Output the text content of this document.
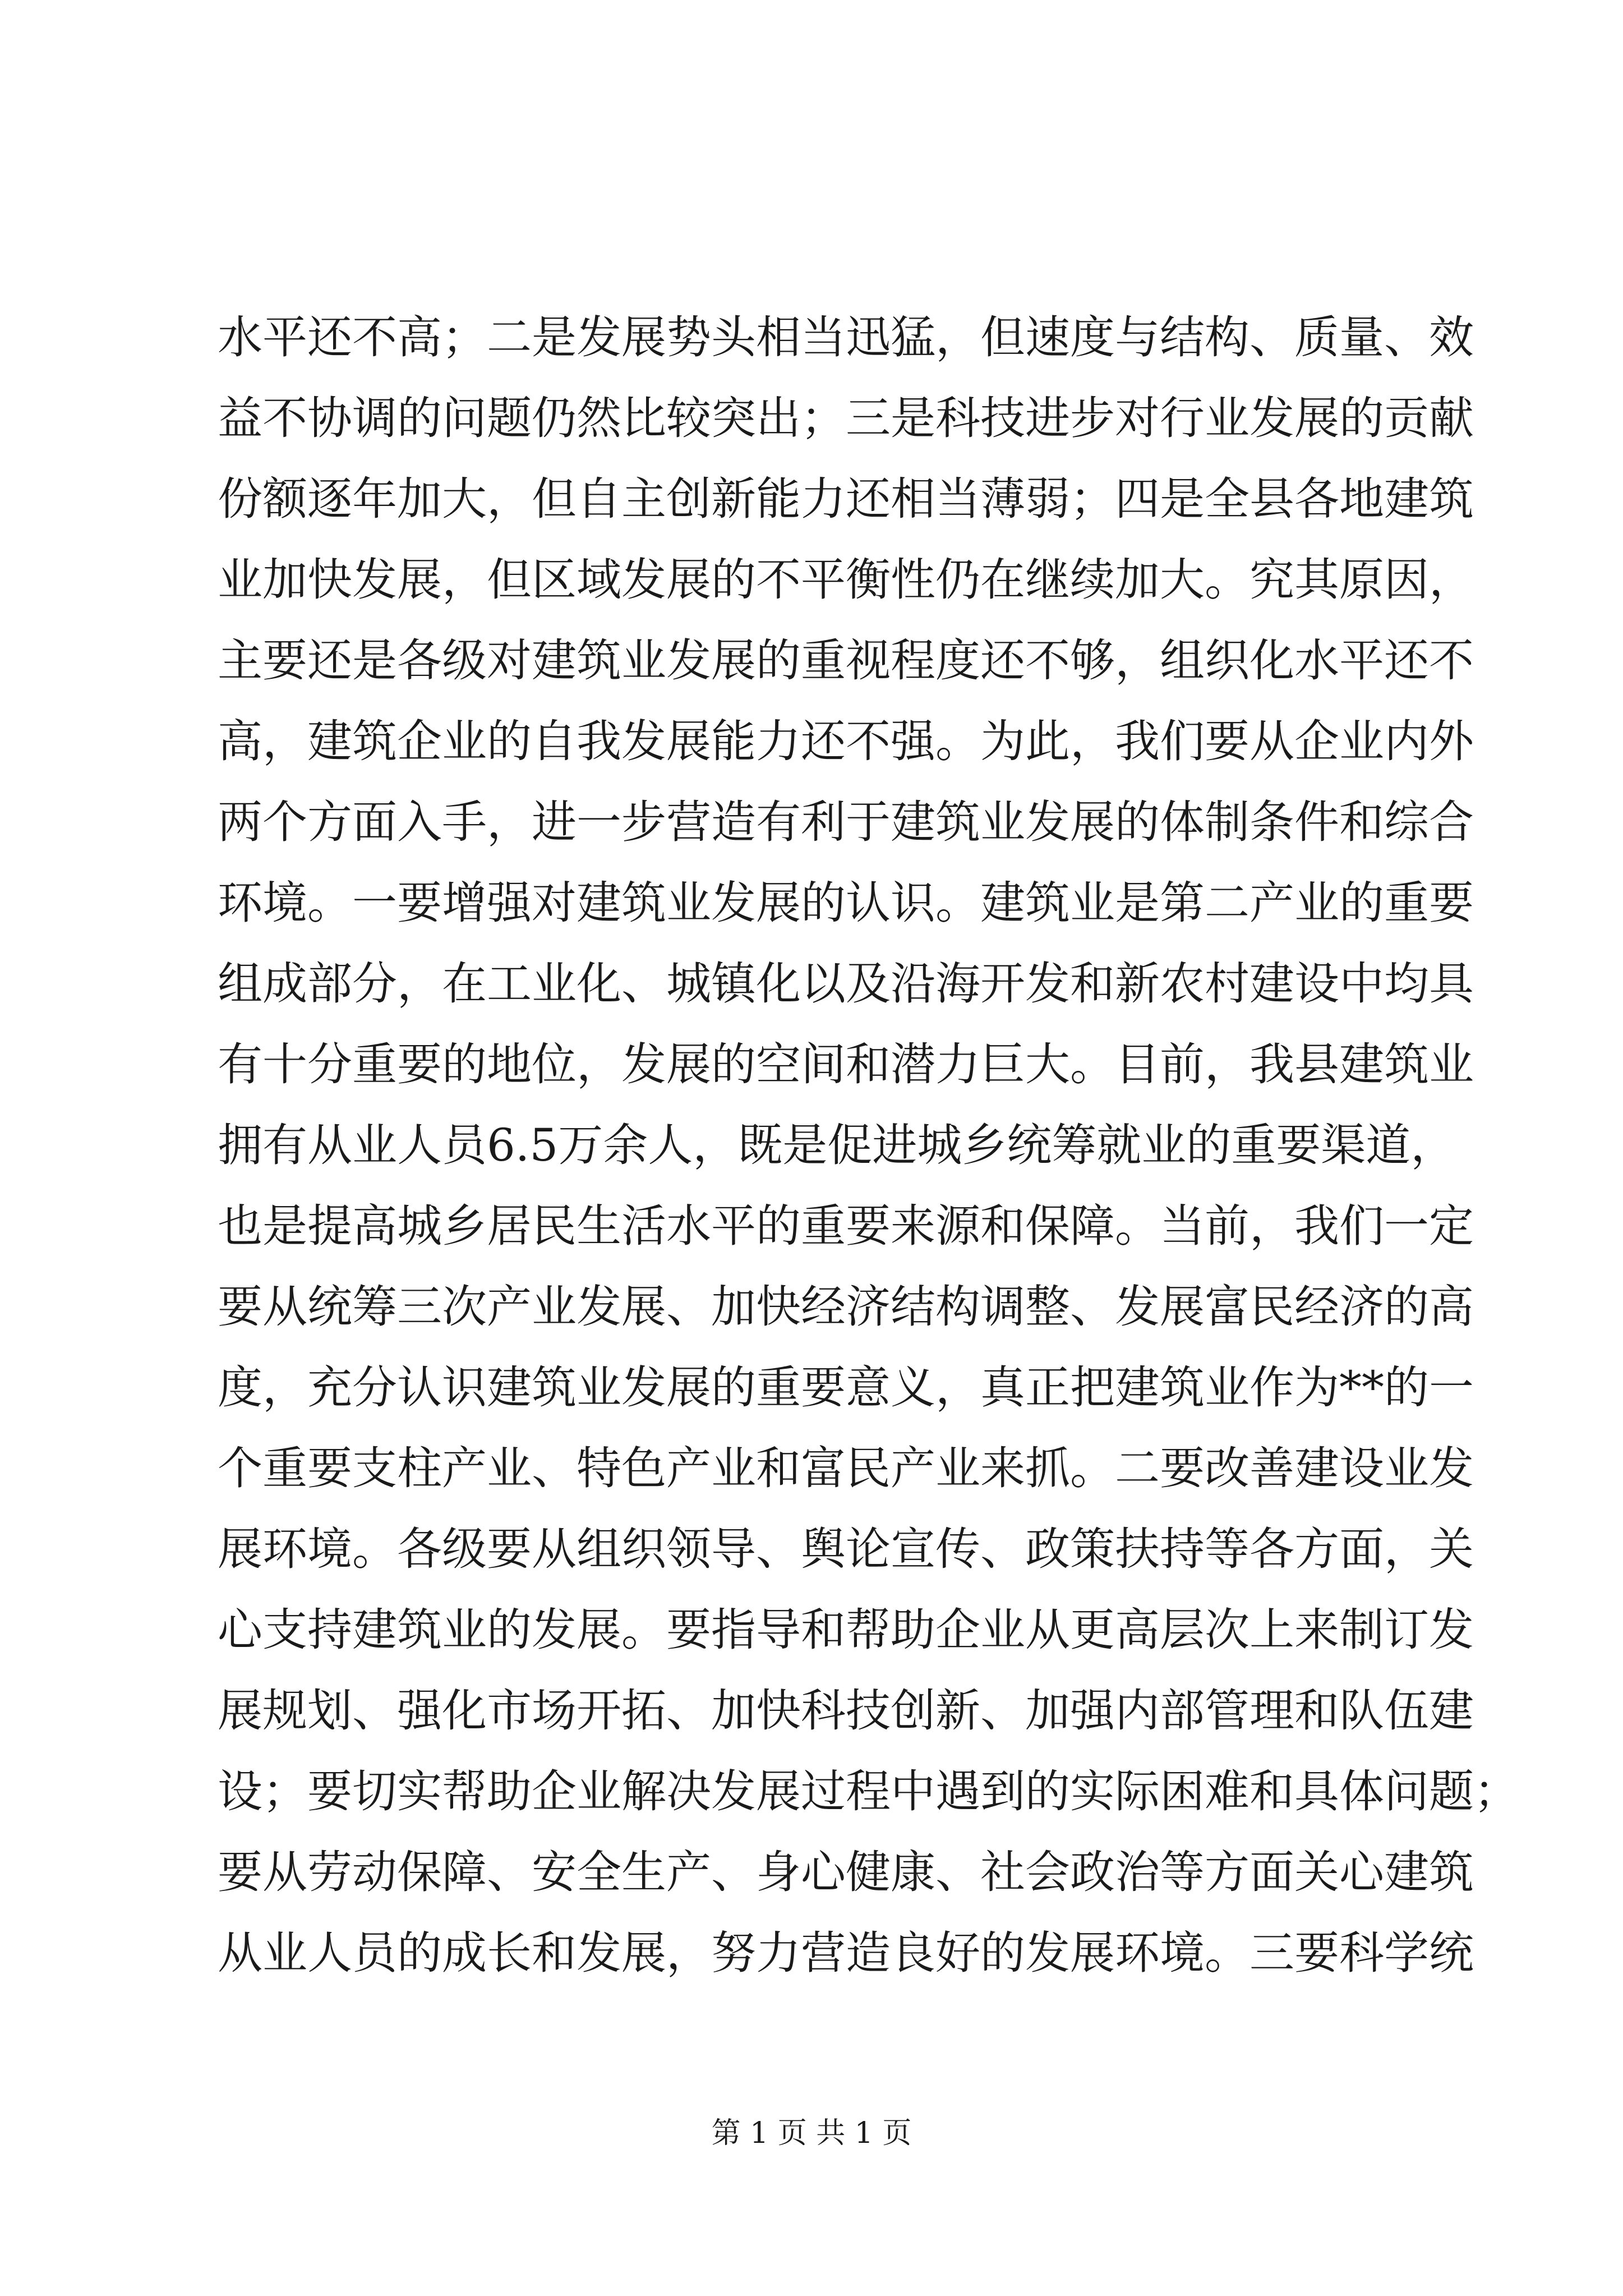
水平还不高；二是发展势头相当迅猛，但速度与结构、质量、效
益不协调的问题仍然比较突出；三是科技进步对行业发展的贡献
份额逐年加大，但自主创新能力还相当薄弱；四是全县各地建筑
业加快发展，但区域发展的不平衡性仍在继续加大。究其原因，
主要还是各级对建筑业发展的重视程度还不够，组织化水平还不
高，建筑企业的自我发展能力还不强。为此，我们要从企业内外
两个方面入手，进一步营造有利于建筑业发展的体制条件和综合
环境。一要增强对建筑业发展的认识。建筑业是第二产业的重要
组成部分，在工业化、城镇化以及沿海开发和新农村建设中均具
有十分重要的地位，发展的空间和潜力巨大。目前，我县建筑业
拥有从业人员6.5万余人，既是促进城乡统筹就业的重要渠道，
也是提高城乡居民生活水平的重要来源和保障。当前，我们一定
要从统筹三次产业发展、加快经济结构调整、发展富民经济的高
度，充分认识建筑业发展的重要意义，真正把建筑业作为**的一
个重要支柱产业、特色产业和富民产业来抓。二要改善建设业发
展环境。各级要从组织领导、舆论宣传、政策扶持等各方面，关
心支持建筑业的发展。要指导和帮助企业从更高层次上来制订发
展规划、强化市场开拓、加快科技创新、加强内部管理和队伍建
设；要切实帮助企业解决发展过程中遇到的实际困难和具体问题；
要从劳动保障、安全生产、身心健康、社会政治等方面关心建筑
从业人员的成长和发展，努力营造良好的发展环境。三要科学统
第 1 页 共 1 页
